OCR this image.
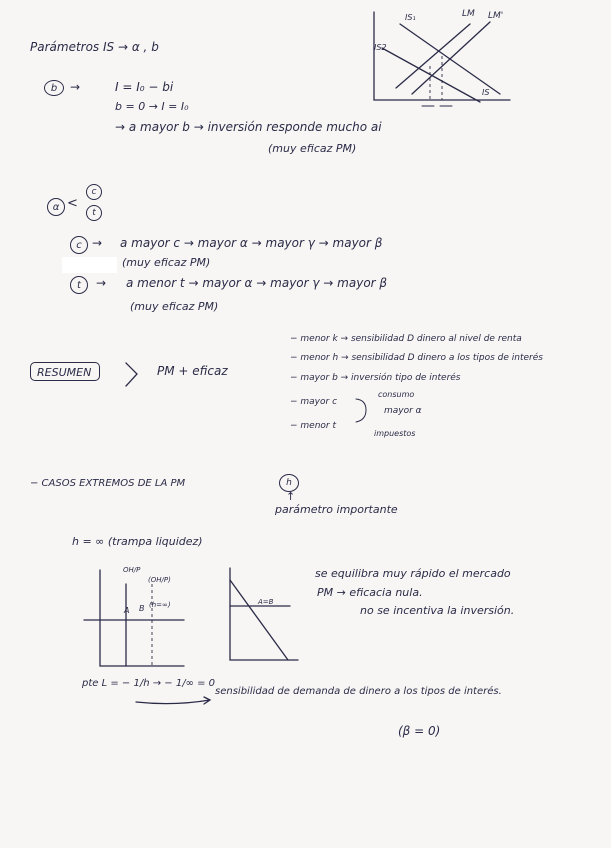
Parámetros IS → α , b
IS₁	LM LM'
IS2
IS
b	→	I = I₀ − bi
b = 0 → I = I₀
→ a mayor b → inversión responde mucho ai
(muy eficaz PM)
α <
c
t
c → a mayor c → mayor α → mayor γ → mayor β
(muy eficaz PM)
t	→ a menor t → mayor α → mayor γ → mayor β
(muy eficaz PM)
RESUMEN	PM + eficaz
− menor k → sensibilidad D dinero al nivel de renta
− menor h → sensibilidad D dinero a los tipos de interés
− mayor b → inversión tipo de interés
− mayor c
− menor t
consumo
mayor α
impuestos
− CASOS EXTREMOS DE LA PM	h
↑
parámetro importante
h = ∞ (trampa liquidez)
OH/P
(OH/P)
A B (h=∞)	A=B
se equilibra muy rápido el mercado
PM → eficacia nula.
no se incentiva la inversión.
pte L = − 1/h → − 1/∞ = 0
sensibilidad de demanda de dinero a los tipos de interés.
(β = 0)
